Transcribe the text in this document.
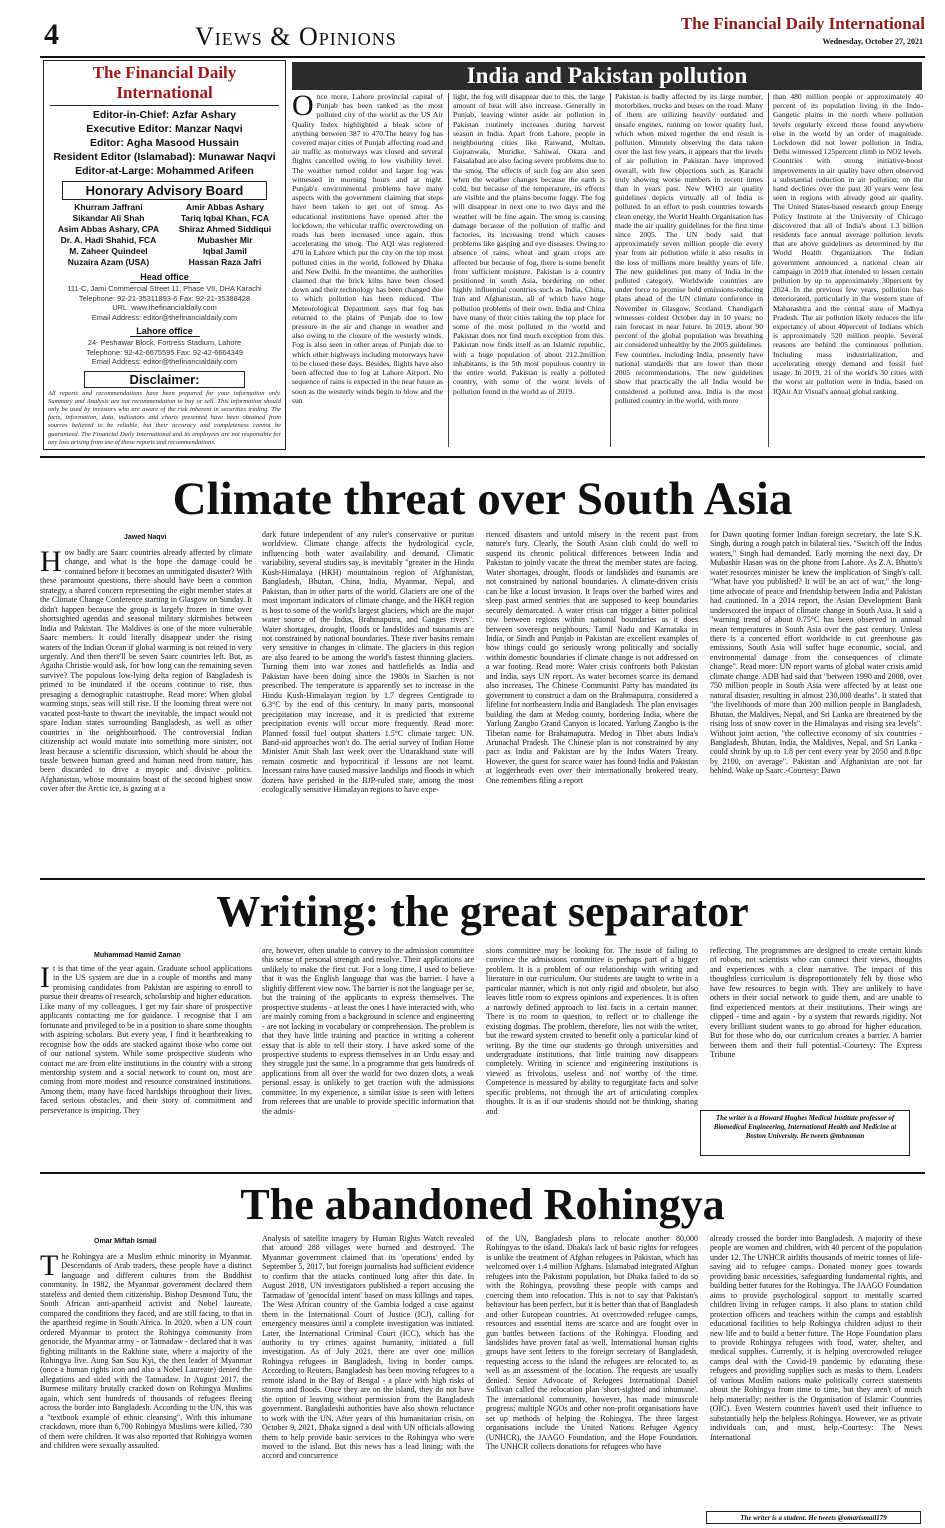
4	Views & Opinions	The Financial Daily International
Wednesday, October 27, 2021
The Financial Daily International

Editor-in-Chief: Azfar Ashary

Executive Editor: Manzar Naqvi

Editor: Agha Masood Hussain

Resident Editor (Islamabad): Munawar Naqvi

Editor-at-Large: Mohammed Arifeen

Honorary Advisory Board
Khurram Jaffrani
Sikandar Ali Shah
Asim Abbas Ashary, CPA
Dr. A. Hadi Shahid, FCA
M. Zaheer Quindeel
Nuzaira Azam (USA)
Amir Abbas Ashary
Tariq Iqbal Khan, FCA
Shiraz Ahmed Siddiqui
Mubasher Mir
Iqbal Jamil
Hassan Raza Jafri
Head office
111-C, Jami Commercial Street 11, Phase VII, DHA Karachi
Telephone: 92-21-35311893-6 Fax: 92-21-35388428
URL: www.thefinancialdaily.com
Email Address: editor@thefinancialdaily.com
Lahore office
24- Peshawar Block, Fortress Stadium, Lahore
Telephone: 92-42-6675595 Fax: 92-42-6664349
Email Address: editor@thefinancialdaily.com
Disclaimer:
All reports and recommendations have been prepared for your information only. Summary and Analysis are not recommendation to buy or sell. This information should only be used by investors who are aware of the risk inherent in securities trading. The facts, information, data, indicators and charts presented have been obtained from sources believed to be reliable, but their accuracy and completeness cannot be guaranteed. The Financial Daily International and its employees are not responsible for any loss arising from use of these reports and recommendations.
India and Pakistan pollution
Once more, Lahore provincial capital of Punjab has been ranked as the most polluted city of the world as the US Air Quality Index highlighted a bleak score of anything between 387 to 470.The heavy fog has covered major cities of Punjab affecting road and air traffic as motorways was closed and several flights cancelled owing to low visibility level. The weather turned colder and larger fog was witnessed in morning hours and at night. Punjab's environmental problems have many aspects with the government claiming that steps have been taken to get out of smog. As educational institutions have opened after the lockdown, the vehicular traffic overcrowding on roads has been increased once again, thus accelerating the smog. The AQI was registered 470 in Lahore which put the city on the top most polluted cities in the world, followed by Dhaka and New Delhi. In the meantime, the authorities claimed that the brick kilns have been closed down and their technology has been changed due to which pollution has been reduced. The Meteorological Department says that fog has returned to the plains of Punjab due to low pressure in the air and change in weather and also owing to the closure of the westerly winds. Fog is also seen in other areas of Punjab due to which other highways including motorways have to be closed these days. Besides, flights have also been affected due to fog at Lahore Airport. No sequence of rains is expected in the near future as soon as the westerly winds begin to blow and the sun
light, the fog will disappear due to this, the large amount of heat will also increase. Generally in Punjab, leaving winter aside air pollution in Pakistan routinely increases during harvest season in India. Apart from Lahore, people in neighbouring cities like Raiwand, Multan, Gujranwala, Muridke, Sahiwal, Okara and Faisalabad are also facing severe problems due to the smog. The effects of such fog are also seen when the weather changes because the earth is cold, but because of the temperature, its effects are visible and the plains become foggy. The fog will disappear in next one to two days and the weather will be fine again. The smog is causing damage because of the pollution of traffic and factories, its increasing trend which causes problems like gasping and eye diseases. Owing to absence of rains, wheat and gram crops are affected but because of fog, there is some benefit from sufficient moisture. Pakistan is a country positioned in south Asia, bordering on other highly influential countries such as India, China, Iran and Afghanistan, all of which have huge pollution problems of their own. India and China have many of their cities taking the top place for some of the most polluted in the world and Pakistan does not find much exception from this. Pakistan now finds itself as an Islamic republic, with a huge population of about 212.2million inhabitants, is the 5th most populous country in the entire world. Pakistan is really a polluted country, with some of the worst levels of pollution found in the world as of 2019.
Pakistan is badly affected by its large number, motorbikes, trucks and buses on the road. Many of them are utilizing heavily outdated and unsafe engines, running on lower quality fuel, which when mixed together the end result is pollution. Minutely observing the data taken over the last few years, it appears that the levels of air pollution in Pakistan have improved overall, with few objections such as Karachi truly showing worse numbers in recent times than in years past. New WHO air quality guidelines depicts virtually all of India is polluted. In an effort to push countries towards clean energy, the World Health Organisation has made the air quality guidelines for the first time since 2005. The UN body said that approximately seven million people die every year from air pollution while it also results in the loss of millions more healthy years of life. The new guidelines put many of India in the polluted category. Worldwide countries are under force to promise bold emissions-reducing plans ahead of the UN climate conference in November in Glasgow, Scotland. Chandigarh witnesses coldest October day in 10 years; no rain forecast in near future. In 2019, about 90 percent of the global population was breathing air considered unhealthy by the 2005 guidelines. Few countries, including India, presently have national standards that are lower than those 2005 recommendations. The new guidelines show that practically the all India would be considered a polluted area. India is the most polluted country in the world, with more
than 480 million people or approximately 40 percent of its population living in the Indo-Gangetic plains in the north where pollution levels regularly exceed those found anywhere else in the world by an order of magnitude. Lockdown did not lower pollution in India, Delhi witnessed 125percent climb in NO2 levels. Countries with strong initiative-boost improvements in air quality have often observed a substantial reduction in air pollution; on the hand declines over the past 30 years were less seen in regions with already good air quality. The United States-based research group Energy Policy Institute at the University of Chicago discovered that all of India's about 1.3 billion residents face annual average pollution levels that are above guidelines as determined by the World Health Organization. The Indian government announced a national clean air campaign in 2019 that intended to lessen certain pollution by up to approximately 30percent by 2024. In the previous few years, pollution has deteriorated, particularly in the western state of Maharashtra and the central state of Madhya Pradesh. The air pollution likely reduces the life expectancy of about 40percent of Indians which is approximately 520 million people. Several reasons are behind the continuous pollution. Including mass industrialization, and accelerating energy demand and fossil fuel usage. In 2019, 21 of the world's 30 cities with the worst air pollution were in India, based on IQAir Air Visual's annual global ranking.
Climate threat over South Asia
Jawed Naqvi
How badly are Saarc countries already affected by climate change, and what is the hope the damage could be contained before it becomes an unmitigated disaster? With these paramount questions, there should have been a common strategy, a shared concern representing the eight member states at the Climate Change Conference starting in Glasgow on Sunday. It didn't happen because the group is largely frozen in time over shortsighted agendas and seasonal military skirmishes between India and Pakistan. The Maldives is one of the more vulnerable Saarc members. It could literally disappear under the rising waters of the Indian Ocean if global warming is not reined in very urgently. And then there'll be seven Saarc countries left. But, as Agatha Christie would ask, for how long can the remaining seven survive? The populous low-lying delta region of Bangladesh is primed to be inundated if the oceans continue to rise, thus presaging a demographic catastrophe. Read more: When global warming stops, seas will still rise. If the looming threat were not vacated post-haste to thwart the inevitable, the impact would not spare Indian states surrounding Bangladesh, as well as other countries in the neighbourhood. The controversial Indian citizenship act would mutate into something more sinister, not least because a scientific discussion, which should be about the tussle between human greed and human need from nature, has been discarded to drive a myopic and divisive politics. Afghanistan, whose mountains boast of the second highest snow cover after the Arctic ice, is gazing at a
dark future independent of any ruler's conservative or puritan worldview. Climate change affects the hydrological cycle, influencing both water availability and demand. Climatic variability, several studies say, is inevitably "greater in the Hindu Kush-Himalaya (HKH) mountainous region of Afghanistan, Bangladesh, Bhutan, China, India, Myanmar, Nepal, and Pakistan, than in other parts of the world. Glaciers are one of the most important indicators of climate change, and the HKH region is host to some of the world's largest glaciers, which are the major water source of the Indus, Brahmaputra, and Ganges rivers". Water shortages, drought, floods or landslides and tsunamis are not constrained by national boundaries. These river basins remain very sensitive to changes in climate. The glaciers in this region are also feared to be among the world's fastest thinning glaciers. Turning them into war zones and battlefields as India and Pakistan have been doing since the 1980s in Siachen is not prescribed. The temperature is apparently set to increase in the Hindu Kush-Himalayan region by 1.7 degrees Centigrade to 6.3°C by the end of this century. In many parts, monsoonal precipitation may increase, and it is predicted that extreme precipitation events will occur more frequently. Read more: Planned fossil fuel output shatters 1.5°C climate target: UN. Band-aid approaches won't do. The aerial survey of Indian Home Minister Amit Shah last week over the Uttarakhand state will remain cosmetic and hypocritical if lessons are not learnt. Incessant rains have caused massive landslips and floods in which dozens have perished in the BJP-ruled state, among the most ecologically sensitive Himalayan regions to have expe-
rienced disasters and untold misery in the recent past from nature's fury. Clearly, the South Asian club could do well to suspend its chronic political differences between India and Pakistan to jointly vacate the threat the member states are facing. Water shortages, drought, floods or landslides and tsunamis are not constrained by national boundaries. A climate-driven crisis can be like a locust invasion. It leaps over the barbed wires and sleep past armed sentries that are supposed to keep boundaries securely demarcated. A water crisis can trigger a bitter political row between regions within national boundaries as it does between sovereign neighbours. Tamil Nadu and Karnataka in India, or Sindh and Punjab in Pakistan are excellent examples of how things could go seriously wrong politically and socially within domestic boundaries if climate change is not addressed on a war footing. Read more: Water crisis confronts both Pakistan and India, says UN report. As water becomes scarce its demand also increases. The Chinese Communist Party has mandated its government to construct a dam on the Brahmaputra, considered a lifeline for northeastern India and Bangladesh. The plan envisages building the dam at Medog county, bordering India, where the Yarlung Zangbo Grand Canyon is located. Yarlung Zangbo is the Tibetan name for Brahamaputra. Medog in Tibet abuts India's Arunachal Pradesh. The Chinese plan is not constrained by any pact as India and Pakistan are by the Indus Waters Treaty. However, the quest for scarce water has found India and Pakistan at loggerheads even over their internationally brokered treaty. One remembers filing a report
for Dawn quoting former Indian foreign secretary, the late S.K. Singh, during a rough patch in bilateral ties. "Switch off the Indus waters," Singh had demanded. Early morning the next day, Dr Mubashir Hasan was on the phone from Lahore. As Z.A. Bhutto's water resources minister he knew the implication of Singh's call. "What have you published? It will be an act of war," the long-time advocate of peace and friendship between India and Pakistan had cautioned. In a 2014 report, the Asian Development Bank underscored the impact of climate change in South Asia. It said a "warning trend of about 0.75°C has been observed in annual mean temperatures in South Asia over the past century. Unless there is a concerted effort worldwide to cut greenhouse gas emissions, South Asia will suffer huge economic, social, and environmental damage from the consequences of climate change". Read more: UN report warns of global water crisis amid climate change. ADB had said that "between 1990 and 2008, over 750 million people in South Asia were affected by at least one natural disaster, resulting in almost 230,000 deaths". It stated that "the livelihoods of more than 200 million people in Bangladesh, Bhutan, the Maldives, Nepal, and Sri Lanka are threatened by the rising loss of snow cover in the Himalayas and rising sea levels". Without joint action, "the collective economy of six countries - Bangladesh, Bhutan, India, the Maldives, Nepal, and Sri Lanka - could shrink by up to 1.8 per cent every year by 2050 and 8.8pc by 2100, on average". Pakistan and Afghanistan are not far behind. Wake up Saarc.-Courtesy: Dawn
Writing: the great separator
Muhammad Hamid Zaman
It is that time of the year again. Graduate school applications in the US system are due in a couple of months and many promising candidates from Pakistan are aspiring to enroll to pursue their dreams of research, scholarship and higher education. Like many of my colleagues, I get my fair share of prospective applicants contacting me for guidance. I recognise that I am fortunate and privileged to be in a position to share some thoughts with aspiring scholars. But every year, I find it heartbreaking to recognise how the odds are stacked against those who come out of our national system. While some prospective students who contact me are from elite institutions in the country with a strong mentorship system and a social network to count on, most are coming from more modest and resource constrained institutions. Among them, many have faced hardships throughout their lives, faced serious obstacles, and their story of commitment and perseverance is inspiring. They
are, however, often unable to convey to the admission committee this sense of personal strength and resolve. Their applications are unlikely to make the first cut. For a long time, I used to believe that it was the English language that was the barrier. I have a slightly different view now. The barrier is not the language per se, but the training of the applicants to express themselves. The prospective students - at least the ones I have interacted with, who are mainly coming from a background in science and engineering - are not lacking in vocabulary or comprehension. The problem is that they have little training and practice in writing a coherent essay that is able to tell their story. I have asked some of the prospective students to express themselves in an Urdu essay and they struggle just the same. In a programme that gets hundreds of applications from all over the world for two dozen slots, a weak personal essay is unlikely to get traction with the admissions committee. In my experience, a similar issue is seen with letters from referees that are unable to provide specific information that the admis-
sions committee may be looking for. The issue of failing to convince the admissions committee is perhaps part of a bigger problem. It is a problem of our relationship with writing and literature in our curriculum. Our students are taught to write in a particular manner, which is not only rigid and obsolete, but also leaves little room to express opinions and experiences. It is often a narrowly defined approach to list facts in a certain manner. There is no room to question, to reflect or to challenge the existing dogmas. The problem, therefore, lies not with the writer, but the reward system created to benefit only a particular kind of writing. By the time our students go through universities and undergraduate institutions, that little training now disappears completely. Writing in science and engineering institutions is viewed as frivolous, useless and not worthy of the time. Competence is measured by ability to regurgitate facts and solve specific problems, not through the art of articulating complex thoughts. It is as if our students should not be thinking, sharing and
reflecting. The programmes are designed to create certain kinds of robots, not scientists who can connect their views, thoughts and experiences with a clear narrative. The impact of this thoughtless curriculum is disproportionately felt by those who have few resources to begin with. They are unlikely to have others in their social network to guide them, and are unable to find experienced mentors at their institutions. Their wings are clipped - time and again - by a system that rewards rigidity. Not every brilliant student wants to go abroad for higher education. But for those who do, our curriculum creates a barrier. A barrier between them and their full potential.-Courtesy: The Express Tribune
The writer is a Howard Hughes Medical Institute professor of Biomedical Engineering, International Health and Medicine at Boston University. He tweets @mhzaman
The abandoned Rohingya
Omar Miftah Ismail
The Rohingya are a Muslim ethnic minority in Myanmar. Descendants of Arab traders, these people have a distinct language and different cultures from the Buddhist community. In 1982, the Myanmar government declared them stateless and denied them citizenship. Bishop Desmond Tutu, the South African anti-apartheid activist and Nobel laureate, compared the conditions they faced, and are still facing, to that in the apartheid regime in South Africa. In 2020, when a UN court ordered Myanmar to protect the Rohingya community from genocide, the Myanmar army - or Tatmadaw - declared that it was fighting militants in the Rakhine state, where a majority of the Rohingya live. Aung San Suu Kyi, the then leader of Myanmar (once a human rights icon and also a Nobel Laureate) denied the allegations and sided with the Tatmadaw. In August 2017, the Burmese military brutally cracked down on Rohingya Muslims again, which sent hundreds of thousands of refugees fleeing across the border into Bangladesh. According to the UN, this was a "textbook example of ethnic cleansing". With this inhumane crackdown, more than 6,700 Rohingya Muslims were killed, 730 of them were children. It was also reported that Rohingya women and children were sexually assaulted.
Analysis of satellite imagery by Human Rights Watch revealed that around 288 villages were burned and destroyed. The Myanmar government claimed that its 'operations' ended by September 5, 2017, but foreign journalists had sufficient evidence to confirm that the attacks continued long after this date. In August 2018, UN investigators published a report accusing the Tatmadaw of 'genocidal intent' based on mass killings and rapes. The West African country of the Gambia lodged a case against them in the International Court of Justice (ICJ), calling for emergency measures until a complete investigation was initiated. Later, the International Criminal Court (ICC), which has the authority to try crimes against humanity, initiated a full investigation. As of July 2021, there are over one million Rohingya refugees in Bangladesh, living in border camps. According to Reuters, Bangladesh has been moving refugees to a remote island in the Bay of Bengal - a place with high risks of storms and floods. Once they are on the island, they do not have the option of leaving without permission from the Bangladesh government. Bangladeshi authorities have also shown reluctance to work with the UN. After years of this humanitarian crisis, on October 9, 2021, Dhaka signed a deal with UN officials allowing them to help provide basic services to the Rohingya who were moved to the island. But this news has a lead lining; with the accord and concurrence
of the UN, Bangladesh plans to relocate another 80,000 Rohingyas to the island. Dhaka's lack of basic rights for refugees is unlike the treatment of Afghan refugees in Pakistan, which has welcomed over 1.4 million Afghans. Islamabad integrated Afghan refugees into the Pakistani population, but Dhaka failed to do so with the Rohingya, providing these people with camps and coercing them into relocation. This is not to say that Pakistan's behaviour has been perfect, but it is better than that of Bangladesh and other European countries. At overcrowded refugee camps, resources and essential items are scarce and are fought over in gun battles between factions of the Rohingya. Flooding and landslides have proven fatal as well. International human rights groups have sent letters to the foreign secretary of Bangladesh, requesting access to the island the refugees are relocated to, as well as an assessment of the location. The requests are usually denied. Senior Advocate of Refugees International Daniel Sullivan called the relocation plan 'short-sighted and inhumane'. The international community, however, has made minuscule progress; multiple NGOs and other non-profit organisations have set up methods of helping the Rohingya. The three largest organisations include the United Nations Refugee Agency (UNHCR), the JAAGO Foundation, and the Hope Foundation. The UNHCR collects donations for refugees who have
already crossed the border into Bangladesh. A majority of these people are women and children, with 40 percent of the population under 12. The UNHCR airlifts thousands of metric tonnes of life-saving aid to refugee camps. Donated money goes towards providing basic necessities, safeguarding fundamental rights, and building better futures for the Rohingya. The JAAGO Foundation aims to provide psychological support to mentally scarred children living in refugee camps. It also plans to station child protection officers and teachers within the camps and establish educational facilities to help Rohingya children adjust to their new life and to build a better future. The Hope Foundation plans to provide Rohingya refugees with food, water, shelter, and medical supplies. Currently, it is helping overcrowded refugee camps deal with the Covid-19 pandemic by educating these refugees and providing supplies such as masks to them. Leaders of various Muslim nations make politically correct statements about the Rohingya from time to time, but they aren't of much help materially; neither is the Organisation of Islamic Countries (OIC). Even Western countries haven't used their influence to substantially help the helpless Rohingya. However, we as private individuals can, and must, help.-Courtesy: The News International
The writer is a student. He tweets @omarismail179
